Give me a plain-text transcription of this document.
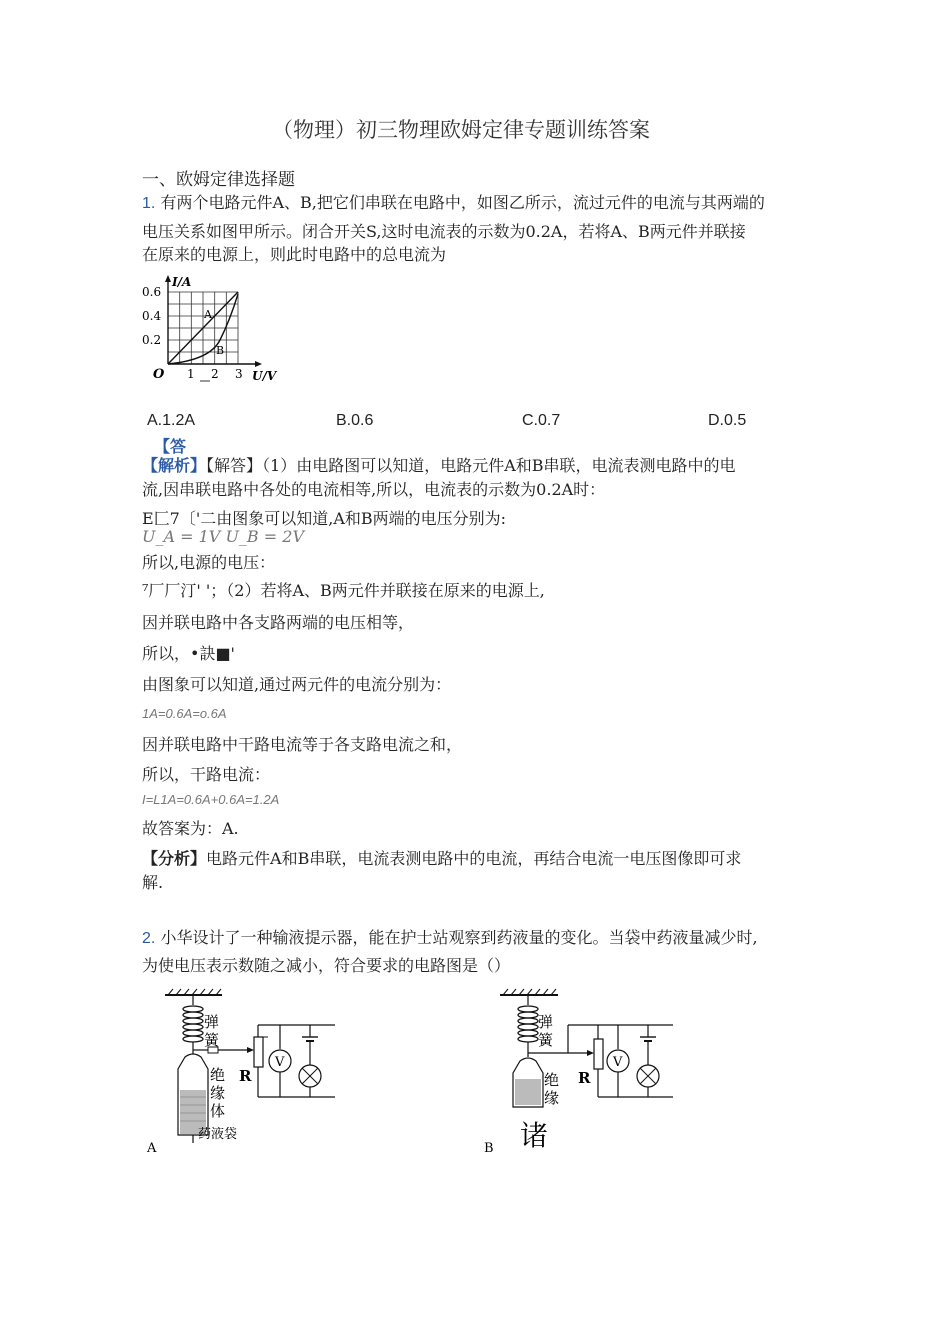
（物理）初三物理欧姆定律专题训练答案
一、欧姆定律选择题
1. 有两个电路元件A、B,把它们串联在电路中，如图乙所示，流过元件的电流与其两端的
电压关系如图甲所示。闭合开关S,这时电流表的示数为0.2A，若将A、B两元件并联接
在原来的电源上，则此时电路中的总电流为
I/A
0.6
0.4
0.2
O 1 2 3 U/V
A
B
A.1.2A	B.0.6	C.0.7	D.0.5
【答
【解析】【解答】（1）由电路图可以知道，电路元件A和B串联，电流表测电路中的电
流,因串联电路中各处的电流相等,所以，电流表的示数为0.2A时：
E匚7〔'二由图象可以知道,A和B两端的电压分别为:
U_A = 1V U_B = 2V
所以,电源的电压：
⁷厂厂汀' '；（2）若将A、B两元件并联接在原来的电源上,
因并联电路中各支路两端的电压相等，
所以，•訣■'
由图象可以知道,通过两元件的电流分别为：
1A=0.6A=o.6A
因并联电路中干路电流等于各支路电流之和，
所以，干路电流：
I=L1A=0.6A+0.6A=1.2A
故答案为：A.
【分析】电路元件A和B串联，电流表测电路中的电流，再结合电流一电压图像即可求
解.
2. 小华设计了一种输液提示器，能在护士站观察到药液量的变化。当袋中药液量减少时,
为使电压表示数随之减小，符合要求的电路图是（）
弹
簧
绝
缘
体
药液袋
R
V
A
弹
簧
绝
缘
诸
R
V
B
